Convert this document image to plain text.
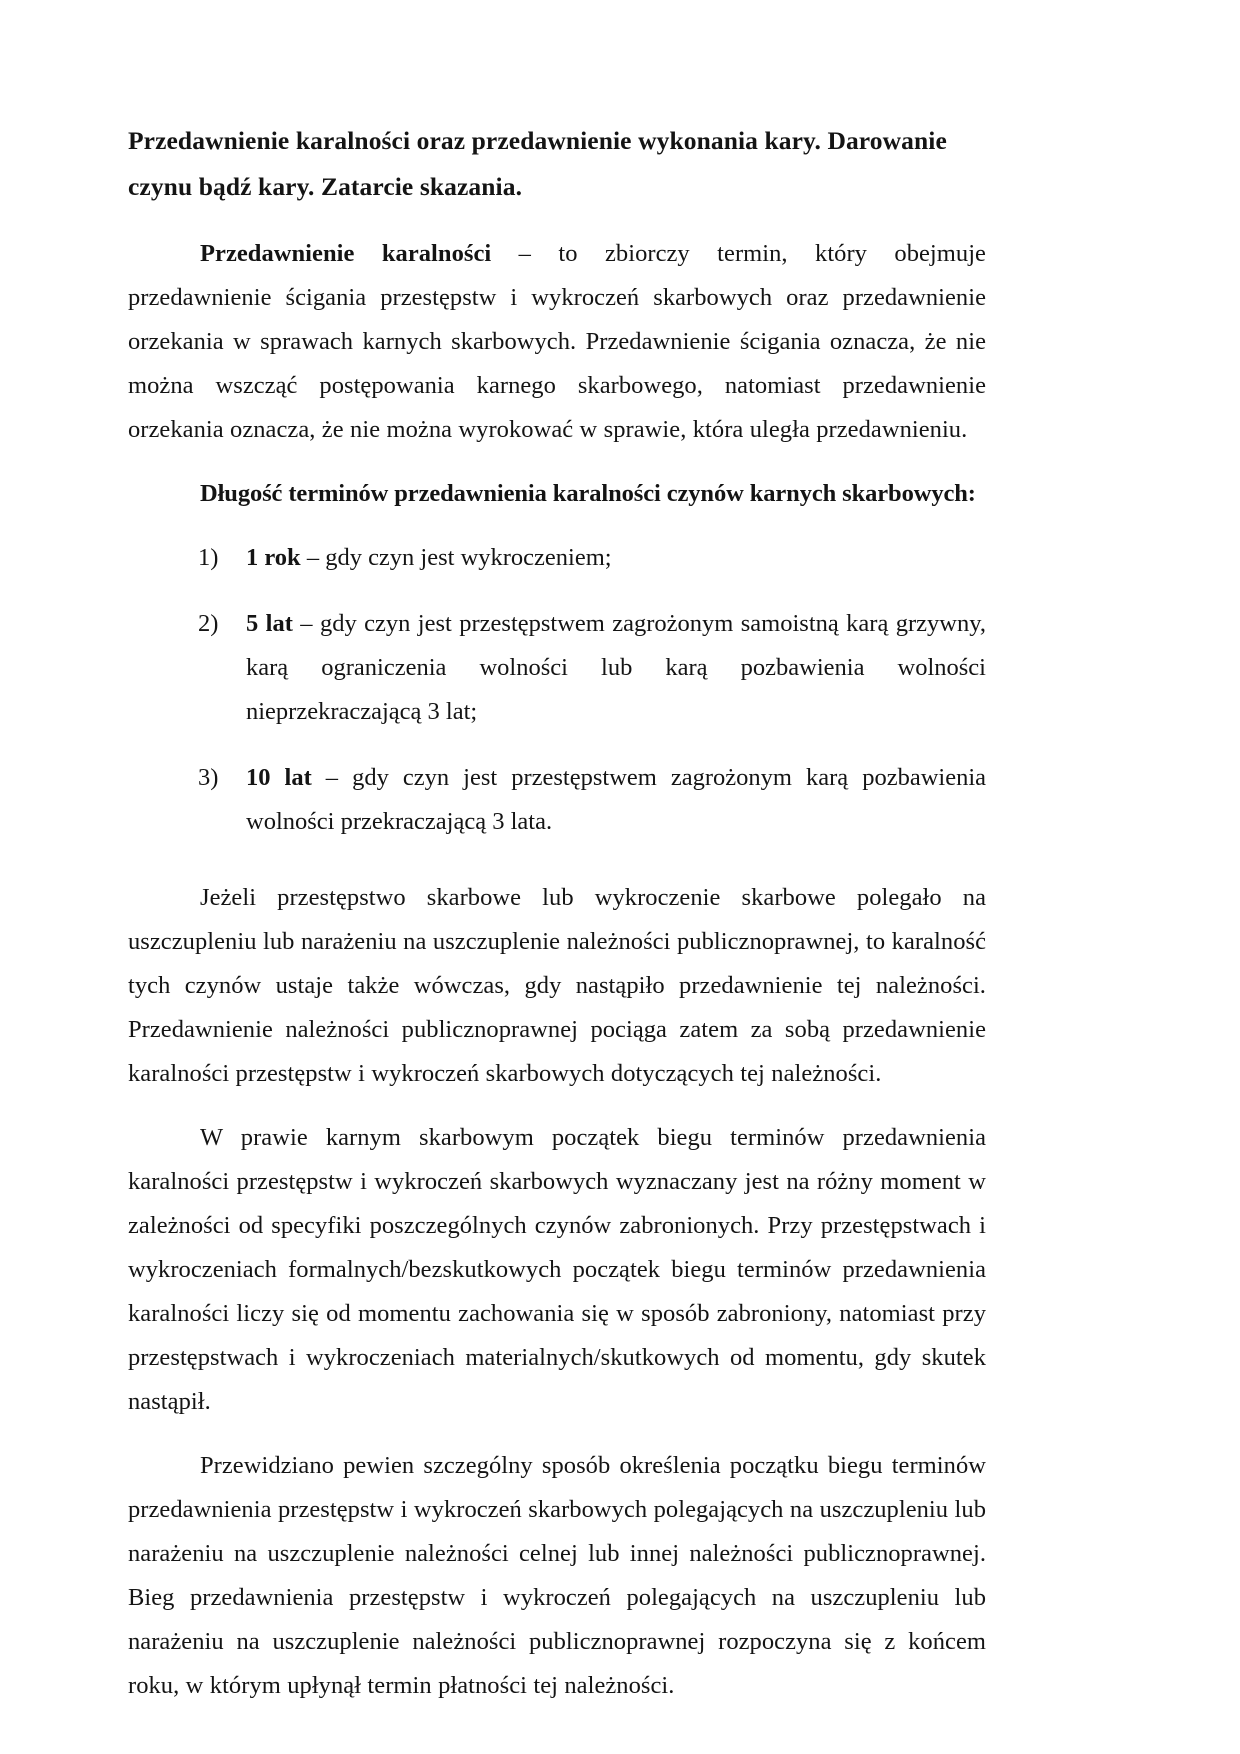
Przedawnienie karalności oraz przedawnienie wykonania kary. Darowanie czynu bądź kary. Zatarcie skazania.

Przedawnienie karalności – to zbiorczy termin, który obejmuje przedawnienie ścigania przestępstw i wykroczeń skarbowych oraz przedawnienie orzekania w sprawach karnych skarbowych. Przedawnienie ścigania oznacza, że nie można wszcząć postępowania karnego skarbowego, natomiast przedawnienie orzekania oznacza, że nie można wyrokować w sprawie, która uległa przedawnieniu.

Długość terminów przedawnienia karalności czynów karnych skarbowych:

1) 1 rok – gdy czyn jest wykroczeniem;
2) 5 lat – gdy czyn jest przestępstwem zagrożonym samoistną karą grzywny, karą ograniczenia wolności lub karą pozbawienia wolności nieprzekraczającą 3 lat;
3) 10 lat – gdy czyn jest przestępstwem zagrożonym karą pozbawienia wolności przekraczającą 3 lata.

Jeżeli przestępstwo skarbowe lub wykroczenie skarbowe polegało na uszczupleniu lub narażeniu na uszczuplenie należności publicznoprawnej, to karalność tych czynów ustaje także wówczas, gdy nastąpiło przedawnienie tej należności. Przedawnienie należności publicznoprawnej pociąga zatem za sobą przedawnienie karalności przestępstw i wykroczeń skarbowych dotyczących tej należności.

W prawie karnym skarbowym początek biegu terminów przedawnienia karalności przestępstw i wykroczeń skarbowych wyznaczany jest na różny moment w zależności od specyfiki poszczególnych czynów zabronionych. Przy przestępstwach i wykroczeniach formalnych/bezskutkowych początek biegu terminów przedawnienia karalności liczy się od momentu zachowania się w sposób zabroniony, natomiast przy przestępstwach i wykroczeniach materialnych/skutkowych od momentu, gdy skutek nastąpił.

Przewidziano pewien szczególny sposób określenia początku biegu terminów przedawnienia przestępstw i wykroczeń skarbowych polegających na uszczupleniu lub narażeniu na uszczuplenie należności celnej lub innej należności publicznoprawnej. Bieg przedawnienia przestępstw i wykroczeń polegających na uszczupleniu lub narażeniu na uszczuplenie należności publicznoprawnej rozpoczyna się z końcem roku, w którym upłynął termin płatności tej należności.
